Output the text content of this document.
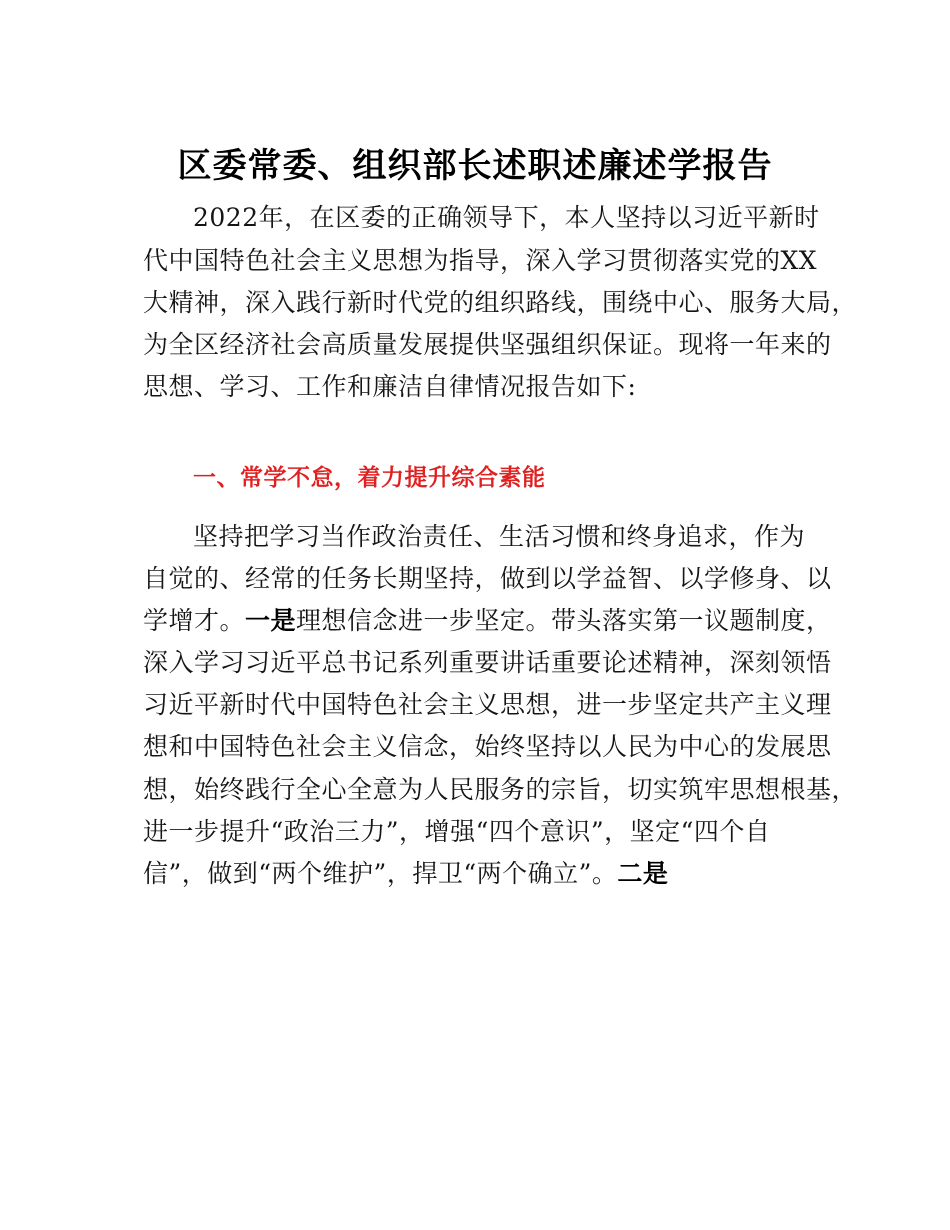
区委常委、组织部长述职述廉述学报告
2022年，在区委的正确领导下，本人坚持以习近平新时
代中国特色社会主义思想为指导，深入学习贯彻落实党的XX
大精神，深入践行新时代党的组织路线，围绕中心、服务大局，
为全区经济社会高质量发展提供坚强组织保证。现将一年来的
思想、学习、工作和廉洁自律情况报告如下:
一、常学不怠，着力提升综合素能
坚持把学习当作政治责任、生活习惯和终身追求，作为
自觉的、经常的任务长期坚持，做到以学益智、以学修身、以
学增才。一是理想信念进一步坚定。带头落实第一议题制度，
深入学习习近平总书记系列重要讲话重要论述精神，深刻领悟
习近平新时代中国特色社会主义思想，进一步坚定共产主义理
想和中国特色社会主义信念，始终坚持以人民为中心的发展思
想，始终践行全心全意为人民服务的宗旨，切实筑牢思想根基，
进一步提升“政治三力”，增强“四个意识”，坚定“四个自
信”，做到“两个维护”，捍卫“两个确立”。二是
